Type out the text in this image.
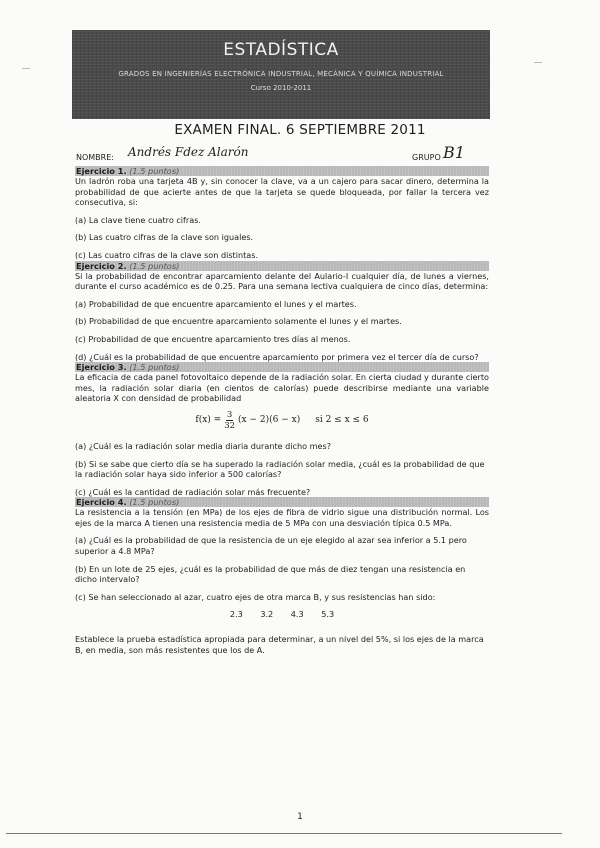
ESTADÍSTICA
GRADOS EN INGENIERÍAS ELECTRÓNICA INDUSTRIAL, MECÁNICA Y QUÍMICA INDUSTRIAL
Curso 2010-2011
EXAMEN FINAL. 6 SEPTIEMBRE 2011
NOMBRE: Andrés Fdez Alarón	GRUPO B1
Ejercicio 1. (1.5 puntos)

Un ladrón roba una tarjeta 4B y, sin conocer la clave, va a un cajero para sacar dinero, determina la probabilidad de que acierte antes de que la tarjeta se quede bloqueada, por fallar la tercera vez consecutiva, si:

(a) La clave tiene cuatro cifras.

(b) Las cuatro cifras de la clave son iguales.

(c) Las cuatro cifras de la clave son distintas.

Ejercicio 2. (1.5 puntos)

Si la probabilidad de encontrar aparcamiento delante del Aulario-I cualquier día, de lunes a viernes, durante el curso académico es de 0.25. Para una semana lectiva cualquiera de cinco días, determina:

(a) Probabilidad de que encuentre aparcamiento el lunes y el martes.

(b) Probabilidad de que encuentre aparcamiento solamente el lunes y el martes.

(c) Probabilidad de que encuentre aparcamiento tres días al menos.

(d) ¿Cuál es la probabilidad de que encuentre aparcamiento por primera vez el tercer día de curso?

Ejercicio 3. (1.5 puntos)

La eficacia de cada panel fotovoltaico depende de la radiación solar. En cierta ciudad y durante cierto mes, la radiación solar diaria (en cientos de calorías) puede describirse mediante una variable aleatoria X con densidad de probabilidad

$f(x) = \frac{3}{32} (x - 2)(6 - x)$ si 2 ≤ x ≤ 6

(a) ¿Cuál es la radiación solar media diaria durante dicho mes?

(b) Si se sabe que cierto día se ha superado la radiación solar media, ¿cuál es la probabilidad de que la radiación solar haya sido inferior a 500 calorías?

(c) ¿Cuál es la cantidad de radiación solar más frecuente?

Ejercicio 4. (1.5 puntos)

La resistencia a la tensión (en MPa) de los ejes de fibra de vidrio sigue una distribución normal. Los ejes de la marca A tienen una resistencia media de 5 MPa con una desviación típica 0.5 MPa.

(a) ¿Cuál es la probabilidad de que la resistencia de un eje elegido al azar sea inferior a 5.1 pero superior a 4.8 MPa?

(b) En un lote de 25 ejes, ¿cuál es la probabilidad de que más de diez tengan una resistencia en dicho intervalo?

(c) Se han seleccionado al azar, cuatro ejes de otra marca B, y sus resistencias han sido:

2.3 3.2 4.3 5.3

Establece la prueba estadística apropiada para determinar, a un nivel del 5%, si los ejes de la marca B, en media, son más resistentes que los de A.

1
